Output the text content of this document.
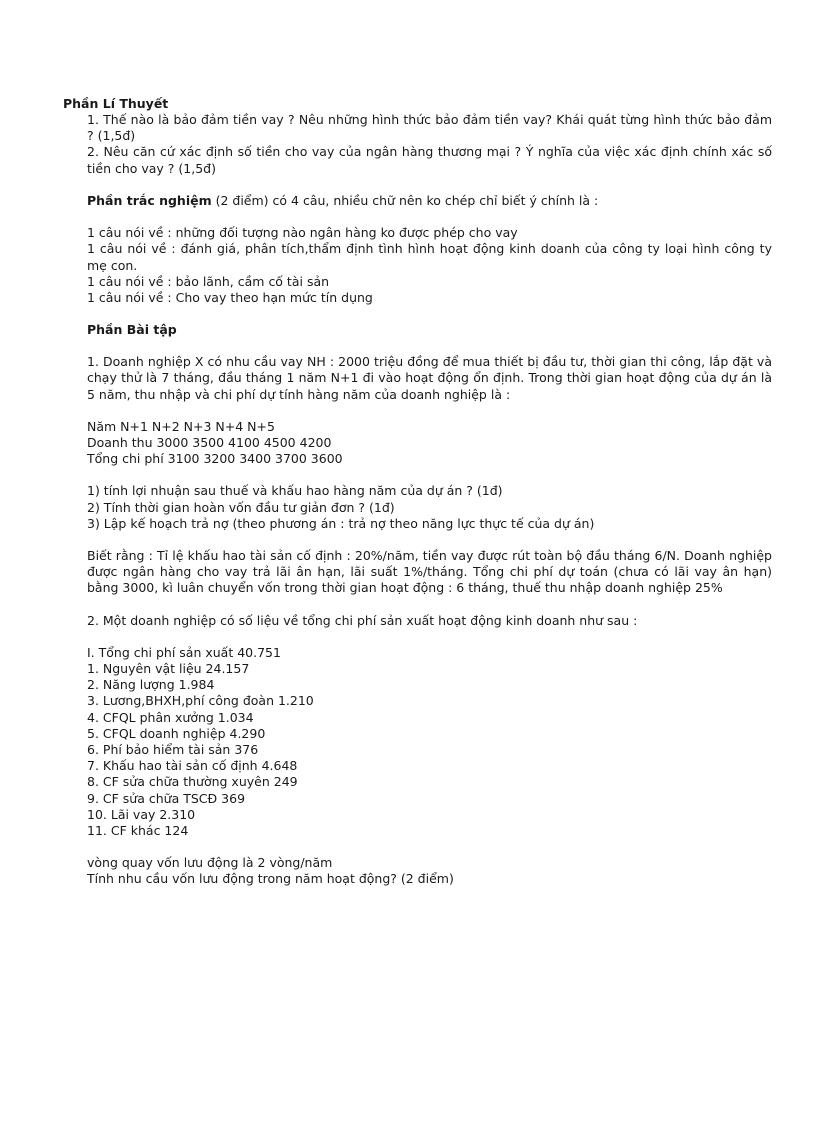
Phần Lí Thuyết
1. Thế nào là bảo đảm tiền vay ? Nêu những hình thức bảo đảm tiền vay? Khái quát từng hình thức bảo đảm ? (1,5đ)
2. Nêu căn cứ xác định số tiền cho vay của ngân hàng thương mại ? Ý nghĩa của việc xác định chính xác số tiền cho vay ? (1,5đ)
Phần trắc nghiệm (2 điểm) có 4 câu, nhiều chữ nên ko chép chỉ biết ý chính là :
1 câu nói về : những đối tượng nào ngân hàng ko được phép cho vay
1 câu nói về : đánh giá, phân tích,thẩm định tình hình hoạt động kinh doanh của công ty loại hình công ty mẹ con.
1 câu nói về : bảo lãnh, cầm cố tài sản
1 câu nói về : Cho vay theo hạn mức tín dụng
Phần Bài tập
1. Doanh nghiệp X có nhu cầu vay NH : 2000 triệu đồng để mua thiết bị đầu tư, thời gian thi công, lắp đặt và chạy thử là 7 tháng, đầu tháng 1 năm N+1 đi vào hoạt động ổn định. Trong thời gian hoạt động của dự án là 5 năm, thu nhập và chi phí dự tính hàng năm của doanh nghiệp là :
Năm N+1 N+2 N+3 N+4 N+5
Doanh thu 3000 3500 4100 4500 4200
Tổng chi phí 3100 3200 3400 3700 3600
1) tính lợi nhuận sau thuế và khấu hao hàng năm của dự án ? (1đ)
2) Tính thời gian hoàn vốn đầu tư giản đơn ? (1đ)
3) Lập kế hoạch trả nợ (theo phương án : trả nợ theo năng lực thực tế của dự án)
Biết rằng : Tỉ lệ khấu hao tài sản cố định : 20%/năm, tiền vay được rút toàn bộ đầu tháng 6/N. Doanh nghiệp được ngân hàng cho vay trả lãi ân hạn, lãi suất 1%/tháng. Tổng chi phí dự toán (chưa có lãi vay ân hạn) bằng 3000, kì luân chuyển vốn trong thời gian hoạt động : 6 tháng, thuế thu nhập doanh nghiệp 25%
2. Một doanh nghiệp có số liệu về tổng chi phí sản xuất hoạt động kinh doanh như sau :
I. Tổng chi phí sản xuất 40.751
1. Nguyên vật liệu 24.157
2. Năng lượng 1.984
3. Lương,BHXH,phí công đoàn 1.210
4. CFQL phân xưởng 1.034
5. CFQL doanh nghiệp 4.290
6. Phí bảo hiểm tài sản 376
7. Khấu hao tài sản cố định 4.648
8. CF sửa chữa thường xuyên 249
9. CF sửa chữa TSCĐ 369
10. Lãi vay 2.310
11. CF khác 124
vòng quay vốn lưu động là 2 vòng/năm
Tính nhu cầu vốn lưu động trong năm hoạt động? (2 điểm)
